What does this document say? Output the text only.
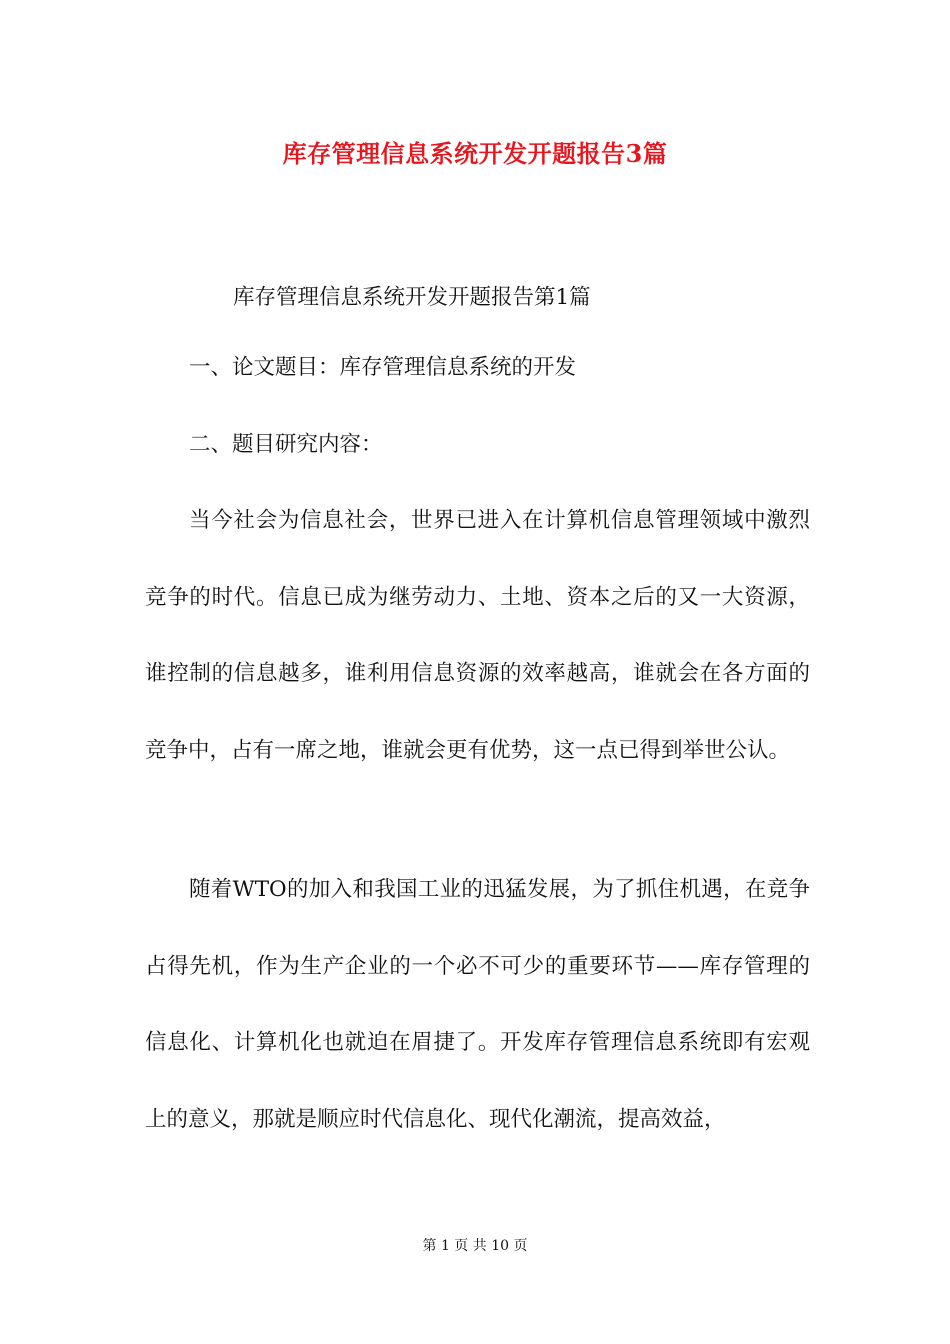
库存管理信息系统开发开题报告3篇
库存管理信息系统开发开题报告第1篇
一、论文题目：库存管理信息系统的开发
二、题目研究内容：

当今社会为信息社会，世界已进入在计算机信息管理领域中激烈竞争的时代。信息已成为继劳动力、土地、资本之后的又一大资源，谁控制的信息越多，谁利用信息资源的效率越高，谁就会在各方面的竞争中，占有一席之地，谁就会更有优势，这一点已得到举世公认。

随着WTO的加入和我国工业的迅猛发展，为了抓住机遇，在竞争占得先机，作为生产企业的一个必不可少的重要环节——库存管理的信息化、计算机化也就迫在眉捷了。开发库存管理信息系统即有宏观上的意义，那就是顺应时代信息化、现代化潮流，提高效益，

第 1 页 共 10 页
